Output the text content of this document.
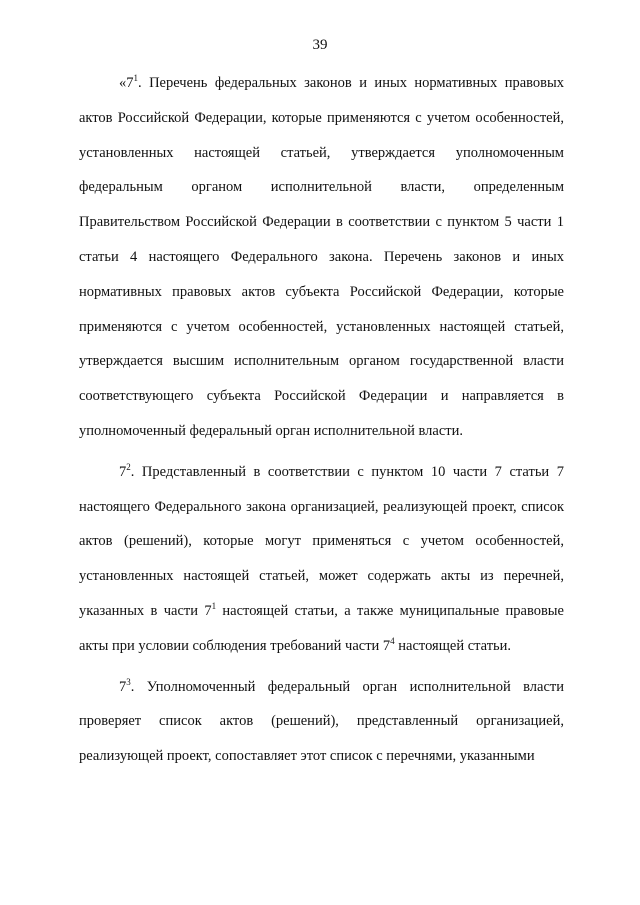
39

«$7^1$. Перечень федеральных законов и иных нормативных правовых актов Российской Федерации, которые применяются с учетом особенностей, установленных настоящей статьей, утверждается уполномоченным федеральным органом исполнительной власти, определенным Правительством Российской Федерации в соответствии с пунктом 5 части 1 статьи 4 настоящего Федерального закона. Перечень законов и иных нормативных правовых актов субъекта Российской Федерации, которые применяются с учетом особенностей, установленных настоящей статьей, утверждается высшим исполнительным органом государственной власти соответствующего субъекта Российской Федерации и направляется в уполномоченный федеральный орган исполнительной власти.

$7^2$. Представленный в соответствии с пунктом 10 части 7 статьи 7 настоящего Федерального закона организацией, реализующей проект, список актов (решений), которые могут применяться с учетом особенностей, установленных настоящей статьей, может содержать акты из перечней, указанных в части $7^1$ настоящей статьи, а также муниципальные правовые акты при условии соблюдения требований части $7^4$ настоящей статьи.

$7^3$. Уполномоченный федеральный орган исполнительной власти проверяет список актов (решений), представленный организацией, реализующей проект, сопоставляет этот список с перечнями, указанными
